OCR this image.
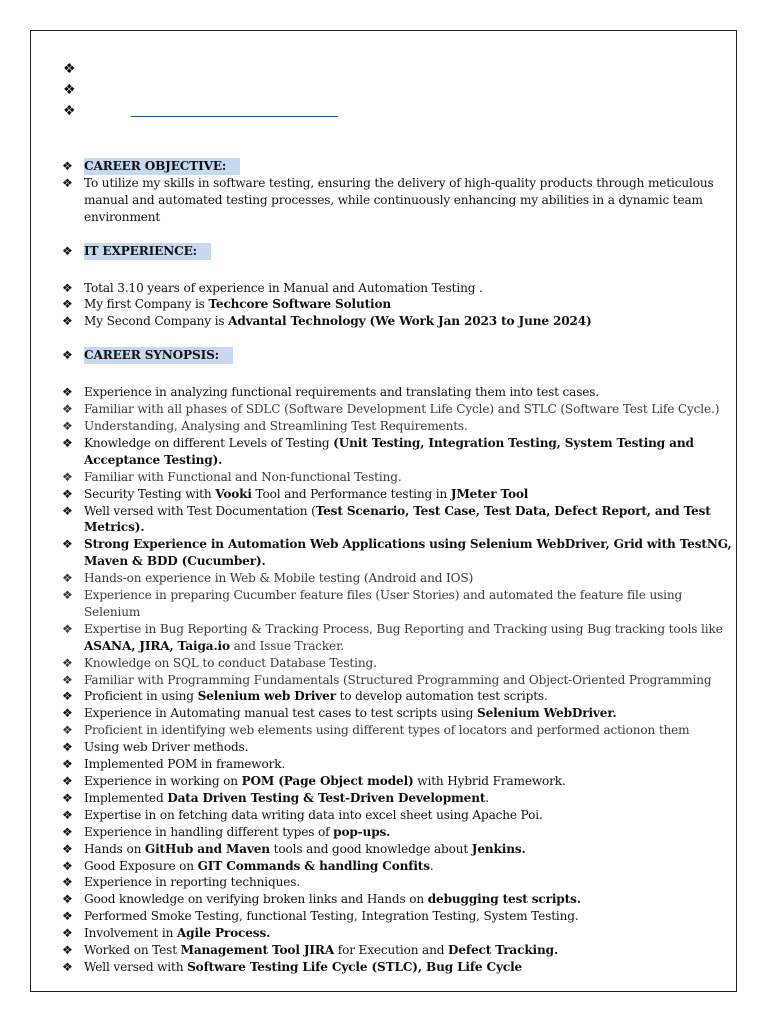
❖
❖
❖
❖ CAREER OBJECTIVE:
❖ To utilize my skills in software testing, ensuring the delivery of high-quality products through meticulous manual and automated testing processes, while continuously enhancing my abilities in a dynamic team environment
❖ IT EXPERIENCE:
❖ Total 3.10 years of experience in Manual and Automation Testing .
❖ My first Company is Techcore Software Solution
❖ My Second Company is Advantal Technology (We Work Jan 2023 to June 2024)
❖ CAREER SYNOPSIS:
❖ Experience in analyzing functional requirements and translating them into test cases.
❖ Familiar with all phases of SDLC (Software Development Life Cycle) and STLC (Software Test Life Cycle.)
❖ Understanding, Analysing and Streamlining Test Requirements.
❖ Knowledge on different Levels of Testing (Unit Testing, Integration Testing, System Testing and Acceptance Testing).
❖ Familiar with Functional and Non-functional Testing.
❖ Security Testing with Vooki Tool and Performance testing in JMeter Tool
❖ Well versed with Test Documentation (Test Scenario, Test Case, Test Data, Defect Report, and Test Metrics).
❖ Strong Experience in Automation Web Applications using Selenium WebDriver, Grid with TestNG, Maven & BDD (Cucumber).
❖ Hands-on experience in Web & Mobile testing (Android and IOS)
❖ Experience in preparing Cucumber feature files (User Stories) and automated the feature file using Selenium
❖ Expertise in Bug Reporting & Tracking Process, Bug Reporting and Tracking using Bug tracking tools like ASANA, JIRA, Taiga.io and Issue Tracker.
❖ Knowledge on SQL to conduct Database Testing.
❖ Familiar with Programming Fundamentals (Structured Programming and Object-Oriented Programming
❖ Proficient in using Selenium web Driver to develop automation test scripts.
❖ Experience in Automating manual test cases to test scripts using Selenium WebDriver.
❖ Proficient in identifying web elements using different types of locators and performed actionon them
❖ Using web Driver methods.
❖ Implemented POM in framework.
❖ Experience in working on POM (Page Object model) with Hybrid Framework.
❖ Implemented Data Driven Testing & Test-Driven Development.
❖ Expertise in on fetching data writing data into excel sheet using Apache Poi.
❖ Experience in handling different types of pop-ups.
❖ Hands on GitHub and Maven tools and good knowledge about Jenkins.
❖ Good Exposure on GIT Commands & handling Confits.
❖ Experience in reporting techniques.
❖ Good knowledge on verifying broken links and Hands on debugging test scripts.
❖ Performed Smoke Testing, functional Testing, Integration Testing, System Testing.
❖ Involvement in Agile Process.
❖ Worked on Test Management Tool JIRA for Execution and Defect Tracking.
❖ Well versed with Software Testing Life Cycle (STLC), Bug Life Cycle
